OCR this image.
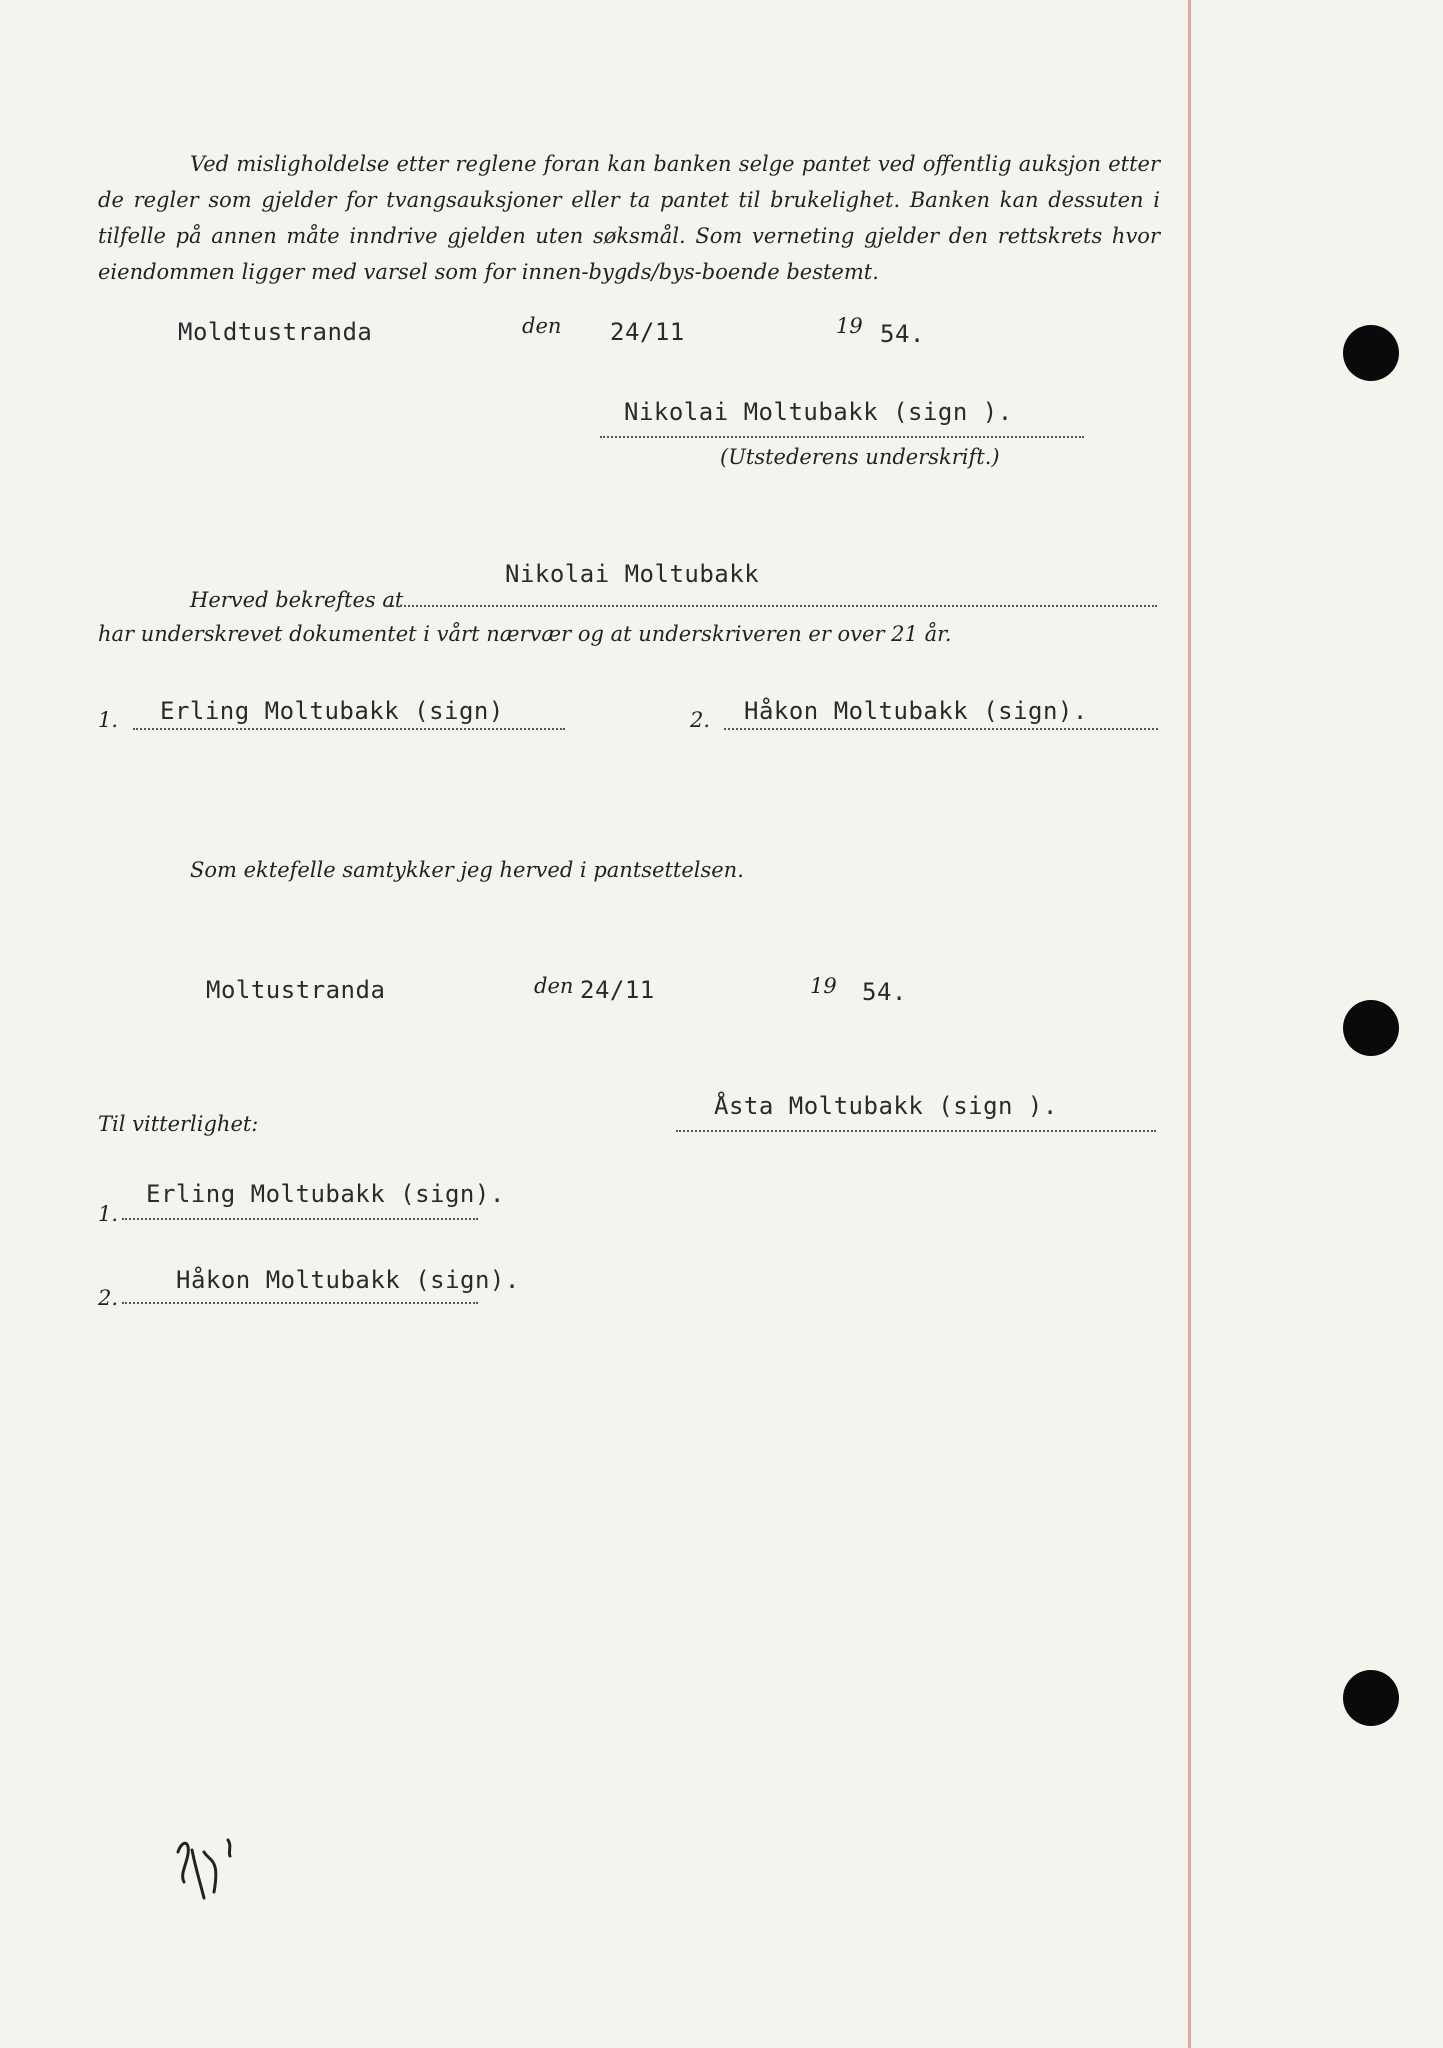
Ved misligholdelse etter reglene foran kan banken selge pantet ved offentlig auksjon etter de regler som gjelder for tvangsauksjoner eller ta pantet til brukelighet. Banken kan dessuten i tilfelle på annen måte inndrive gjelden uten søksmål. Som verneting gjelder den rettskrets hvor eiendommen ligger med varsel som for innen-bygds/bys-boende bestemt.
Moldtustranda	den 24/11	19 54.
Nikolai Moltubakk (sign ).
(Utstederens underskrift.)
Nikolai Moltubakk
Herved bekreftes at
har underskrevet dokumentet i vårt nærvær og at underskriveren er over 21 år.
1. Erling Moltubakk (sign)	2. Håkon Moltubakk (sign).
Som ektefelle samtykker jeg herved i pantsettelsen.
Moltustranda	den 24/11	19 54.
Åsta Moltubakk (sign ).
Til vitterlighet:
1.
Erling Moltubakk (sign).
2.
Håkon Moltubakk (sign).
